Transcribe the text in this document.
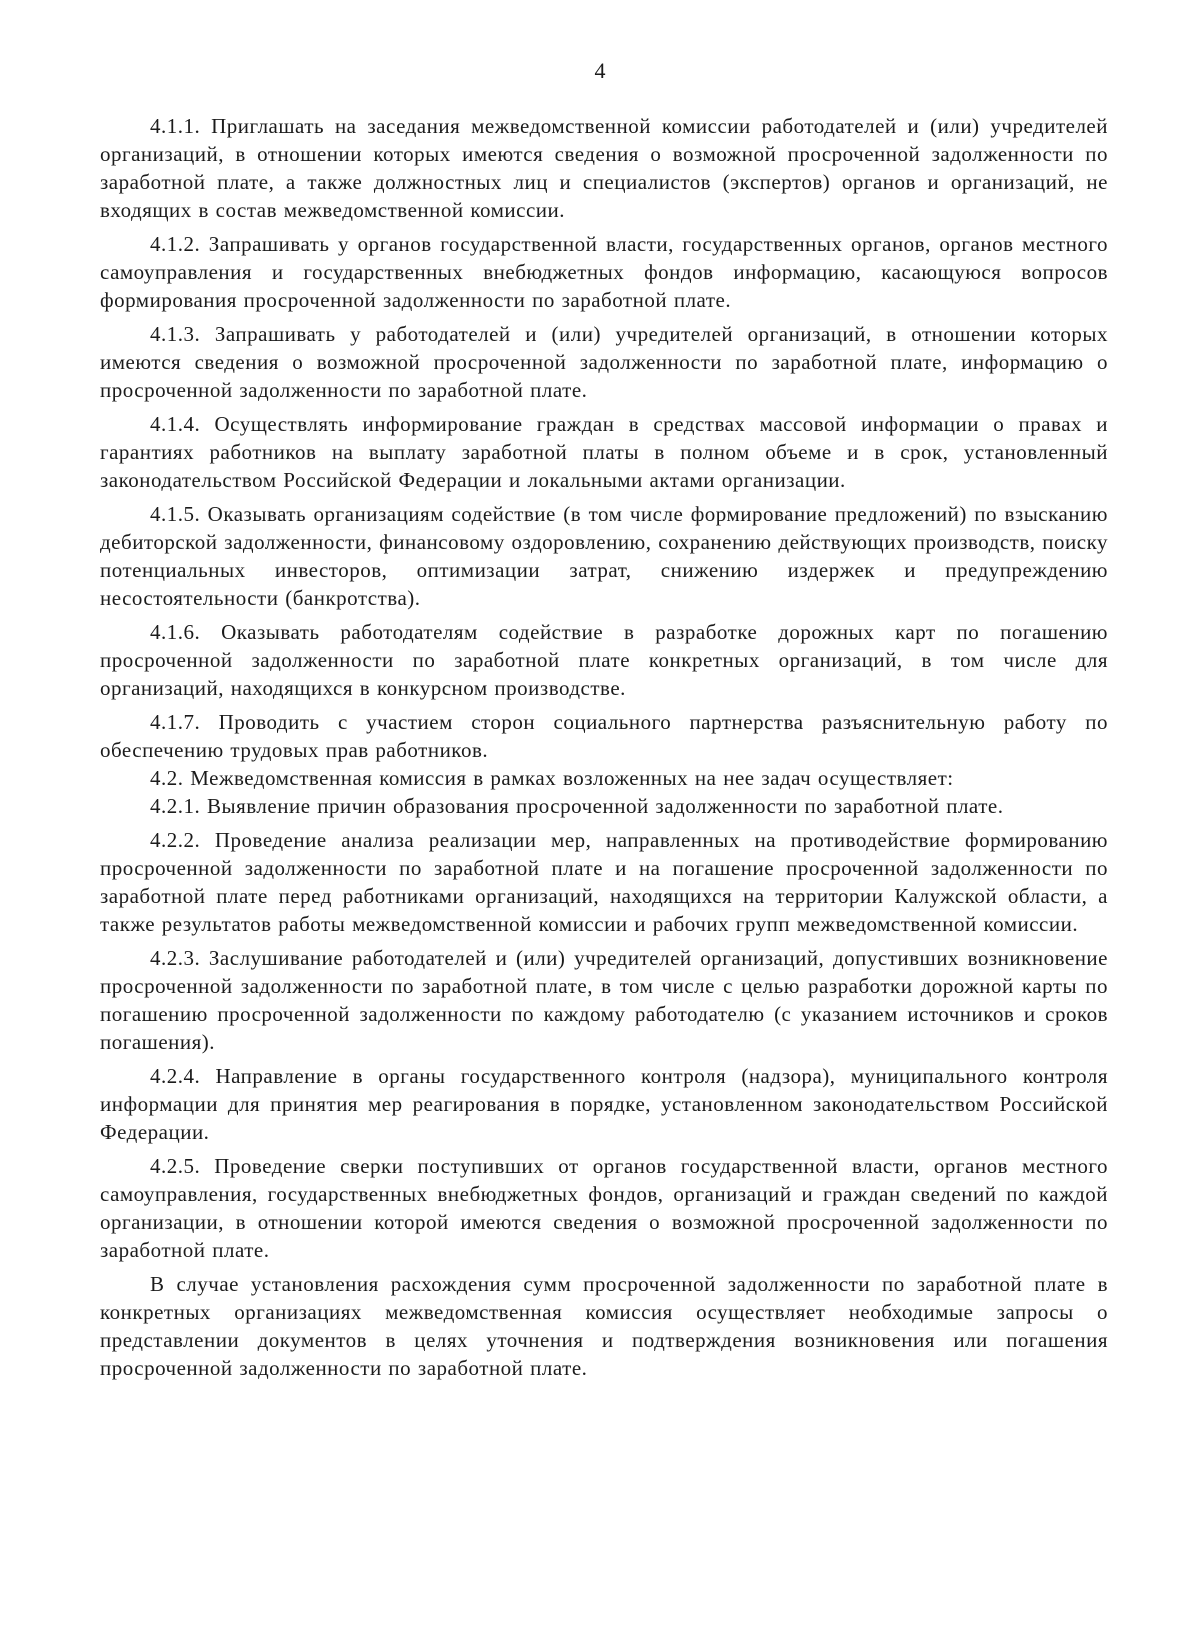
4

4.1.1. Приглашать на заседания межведомственной комиссии работодателей и (или) учредителей организаций, в отношении которых имеются сведения о возможной просроченной задолженности по заработной плате, а также должностных лиц и специалистов (экспертов) органов и организаций, не входящих в состав межведомственной комиссии.

4.1.2. Запрашивать у органов государственной власти, государственных органов, органов местного самоуправления и государственных внебюджетных фондов информацию, касающуюся вопросов формирования просроченной задолженности по заработной плате.

4.1.3. Запрашивать у работодателей и (или) учредителей организаций, в отношении которых имеются сведения о возможной просроченной задолженности по заработной плате, информацию о просроченной задолженности по заработной плате.

4.1.4. Осуществлять информирование граждан в средствах массовой информации о правах и гарантиях работников на выплату заработной платы в полном объеме и в срок, установленный законодательством Российской Федерации и локальными актами организации.

4.1.5. Оказывать организациям содействие (в том числе формирование предложений) по взысканию дебиторской задолженности, финансовому оздоровлению, сохранению действующих производств, поиску потенциальных инвесторов, оптимизации затрат, снижению издержек и предупреждению несостоятельности (банкротства).

4.1.6. Оказывать работодателям содействие в разработке дорожных карт по погашению просроченной задолженности по заработной плате конкретных организаций, в том числе для организаций, находящихся в конкурсном производстве.

4.1.7. Проводить с участием сторон социального партнерства разъяснительную работу по обеспечению трудовых прав работников.

4.2. Межведомственная комиссия в рамках возложенных на нее задач осуществляет:

4.2.1. Выявление причин образования просроченной задолженности по заработной плате.

4.2.2. Проведение анализа реализации мер, направленных на противодействие формированию просроченной задолженности по заработной плате и на погашение просроченной задолженности по заработной плате перед работниками организаций, находящихся на территории Калужской области, а также результатов работы межведомственной комиссии и рабочих групп межведомственной комиссии.

4.2.3. Заслушивание работодателей и (или) учредителей организаций, допустивших возникновение просроченной задолженности по заработной плате, в том числе с целью разработки дорожной карты по погашению просроченной задолженности по каждому работодателю (с указанием источников и сроков погашения).

4.2.4. Направление в органы государственного контроля (надзора), муниципального контроля информации для принятия мер реагирования в порядке, установленном законодательством Российской Федерации.

4.2.5. Проведение сверки поступивших от органов государственной власти, органов местного самоуправления, государственных внебюджетных фондов, организаций и граждан сведений по каждой организации, в отношении которой имеются сведения о возможной просроченной задолженности по заработной плате.

В случае установления расхождения сумм просроченной задолженности по заработной плате в конкретных организациях межведомственная комиссия осуществляет необходимые запросы о представлении документов в целях уточнения и подтверждения возникновения или погашения просроченной задолженности по заработной плате.
